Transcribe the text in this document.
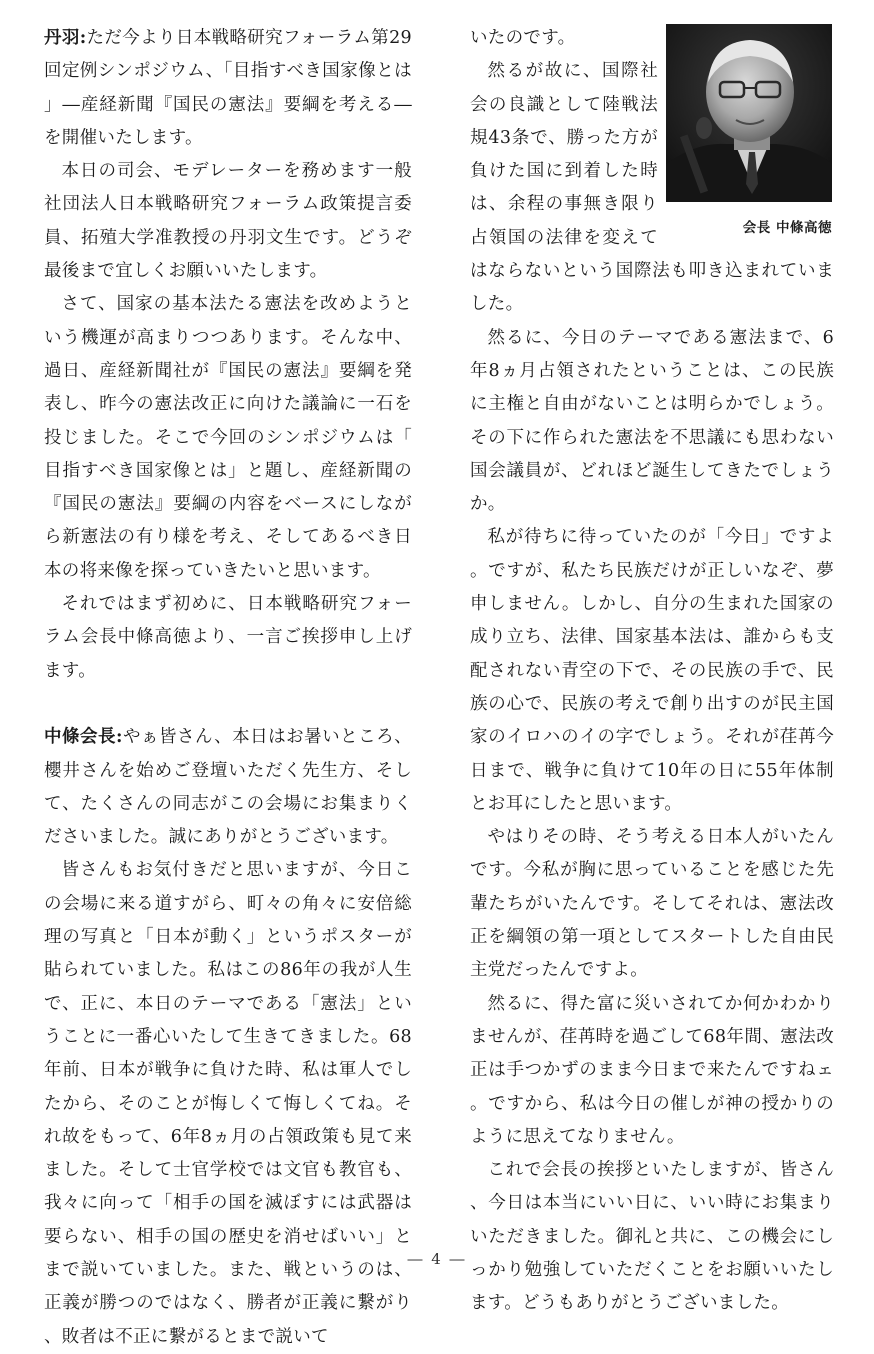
丹羽:ただ今より日本戦略研究フォーラム第29回定例シンポジウム、「目指すべき国家像とは」―産経新聞『国民の憲法』要綱を考える―を開催いたします。

本日の司会、モデレーターを務めます一般社団法人日本戦略研究フォーラム政策提言委員、拓殖大学准教授の丹羽文生です。どうぞ最後まで宜しくお願いいたします。

さて、国家の基本法たる憲法を改めようという機運が高まりつつあります。そんな中、過日、産経新聞社が『国民の憲法』要綱を発表し、昨今の憲法改正に向けた議論に一石を投じました。そこで今回のシンポジウムは「目指すべき国家像とは」と題し、産経新聞の『国民の憲法』要綱の内容をベースにしながら新憲法の有り様を考え、そしてあるべき日本の将来像を探っていきたいと思います。

それではまず初めに、日本戦略研究フォーラム会長中條高徳より、一言ご挨拶申し上げます。

中條会長:やぁ皆さん、本日はお暑いところ、櫻井さんを始めご登壇いただく先生方、そして、たくさんの同志がこの会場にお集まりくださいました。誠にありがとうございます。

皆さんもお気付きだと思いますが、今日この会場に来る道すがら、町々の角々に安倍総理の写真と「日本が動く」というポスターが貼られていました。私はこの86年の我が人生で、正に、本日のテーマである「憲法」ということに一番心いたして生きてきました。68年前、日本が戦争に負けた時、私は軍人でしたから、そのことが悔しくて悔しくてね。それ故をもって、6年8ヵ月の占領政策も見て来ました。そして士官学校では文官も教官も、我々に向って「相手の国を滅ぼすには武器は要らない、相手の国の歴史を消せばいい」とまで説いていました。また、戦というのは、正義が勝つのではなく、勝者が正義に繋がり、敗者は不正に繋がるとまで説いて

会長 中條高徳

いたのです。

然るが故に、国際社会の良識として陸戦法規43条で、勝った方が負けた国に到着した時は、余程の事無き限り占領国の法律を変えてはならないという国際法も叩き込まれていました。

然るに、今日のテーマである憲法まで、6年8ヵ月占領されたということは、この民族に主権と自由がないことは明らかでしょう。その下に作られた憲法を不思議にも思わない国会議員が、どれほど誕生してきたでしょうか。

私が待ちに待っていたのが「今日」ですよ。ですが、私たち民族だけが正しいなぞ、夢申しません。しかし、自分の生まれた国家の成り立ち、法律、国家基本法は、誰からも支配されない青空の下で、その民族の手で、民族の心で、民族の考えで創り出すのが民主国家のイロハのイの字でしょう。それが荏苒今日まで、戦争に負けて10年の日に55年体制とお耳にしたと思います。

やはりその時、そう考える日本人がいたんです。今私が胸に思っていることを感じた先輩たちがいたんです。そしてそれは、憲法改正を綱領の第一項としてスタートした自由民主党だったんですよ。

然るに、得た富に災いされてか何かわかりませんが、荏苒時を過ごして68年間、憲法改正は手つかずのまま今日まで来たんですねェ。ですから、私は今日の催しが神の授かりのように思えてなりません。

これで会長の挨拶といたしますが、皆さん、今日は本当にいい日に、いい時にお集まりいただきました。御礼と共に、この機会にしっかり勉強していただくことをお願いいたします。どうもありがとうございました。

― 4 ―
